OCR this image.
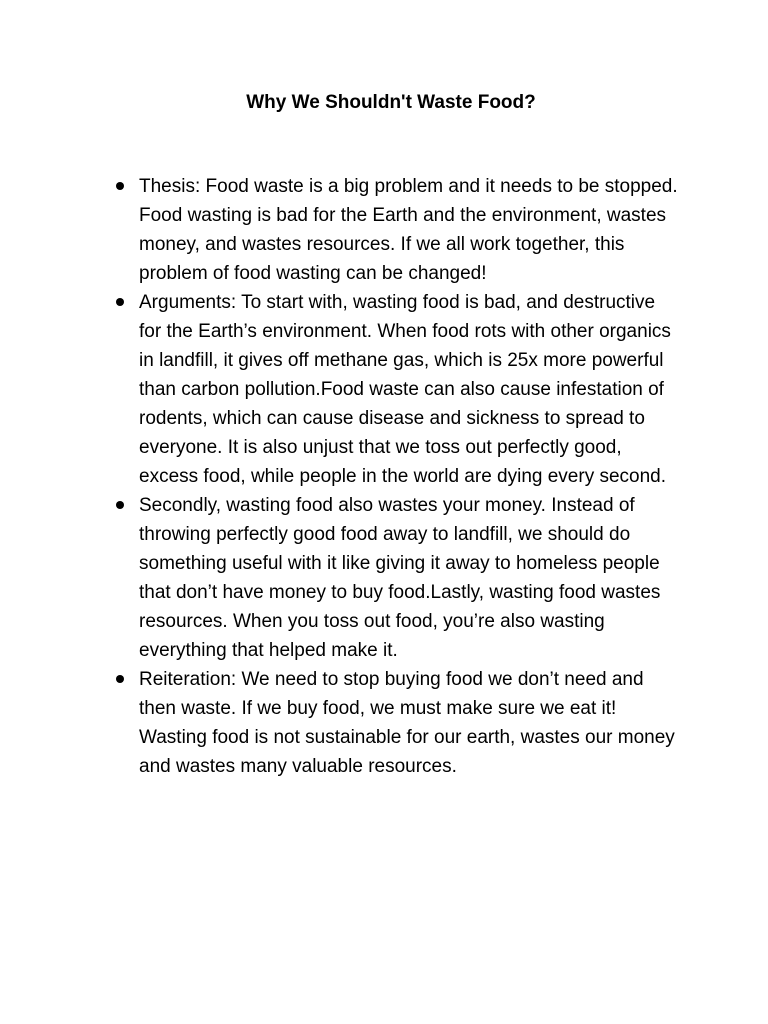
Why We Shouldn't Waste Food?
Thesis: Food waste is a big problem and it needs to be stopped. Food wasting is bad for the Earth and the environment, wastes money, and wastes resources. If we all work together, this problem of food wasting can be changed!
Arguments: To start with, wasting food is bad, and destructive for the Earth’s environment. When food rots with other organics in landfill, it gives off methane gas, which is 25x more powerful than carbon pollution.Food waste can also cause infestation of rodents, which can cause disease and sickness to spread to everyone. It is also unjust that we toss out perfectly good, excess food, while people in the world are dying every second.
Secondly, wasting food also wastes your money. Instead of throwing perfectly good food away to landfill, we should do something useful with it like giving it away to homeless people that don’t have money to buy food.Lastly, wasting food wastes resources. When you toss out food, you’re also wasting everything that helped make it.
Reiteration: We need to stop buying food we don’t need and then waste. If we buy food, we must make sure we eat it! Wasting food is not sustainable for our earth, wastes our money and wastes many valuable resources.
